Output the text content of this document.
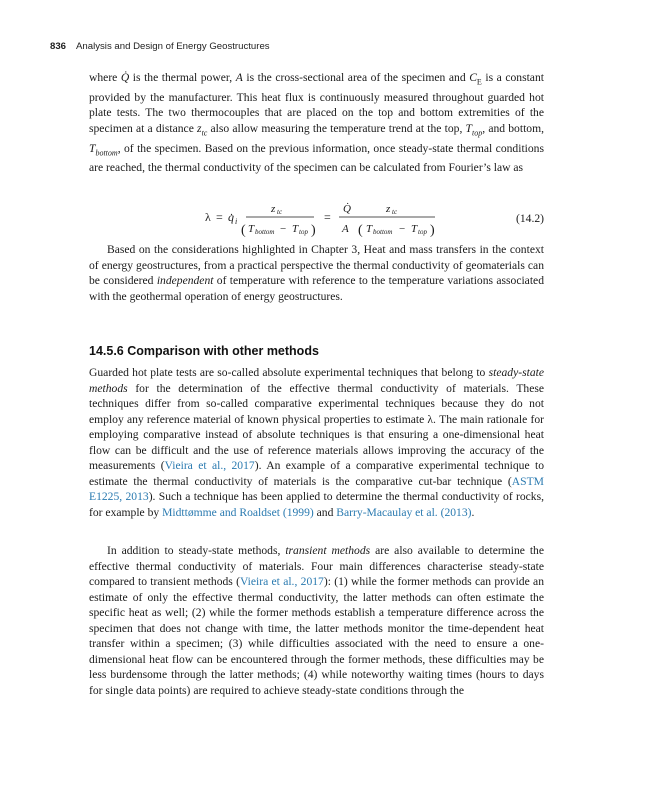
836 Analysis and Design of Energy Geostructures

where Q̇ is the thermal power, A is the cross-sectional area of the specimen and $C_E$ is a constant provided by the manufacturer. This heat flux is continuously measured throughout guarded hot plate tests. The two thermocouples that are placed on the top and bottom extremities of the specimen at a distance $z_{tc}$ also allow measuring the temperature trend at the top, $T_{top}$, and bottom, $T_{bottom}$, of the specimen. Based on the previous information, once steady-state thermal conditions are reached, the thermal conductivity of the specimen can be calculated from Fourier’s law as

λ = q̇ i
z tc
( T bottom − T top )
=
Q̇	z tc
A ( T bottom − T top )
(14.2)

Based on the considerations highlighted in Chapter 3, Heat and mass transfers in the context of energy geostructures, from a practical perspective the thermal conductivity of geomaterials can be considered independent of temperature with reference to the temperature variations associated with the geothermal operation of energy geostructures.

14.5.6 Comparison with other methods

Guarded hot plate tests are so-called absolute experimental techniques that belong to steady-state methods for the determination of the effective thermal conductivity of materials. These techniques differ from so-called comparative experimental techniques because they do not employ any reference material of known physical properties to estimate λ. The main rationale for employing comparative instead of absolute techniques is that ensuring a one-dimensional heat flow can be difficult and the use of reference materials allows improving the accuracy of the measurements (Vieira et al., 2017). An example of a comparative experimental technique to estimate the thermal conductivity of materials is the comparative cut-bar technique (ASTM E1225, 2013). Such a technique has been applied to determine the thermal conductivity of rocks, for example by Midttømme and Roaldset (1999) and Barry-Macaulay et al. (2013).

In addition to steady-state methods, transient methods are also available to determine the effective thermal conductivity of materials. Four main differences characterise steady-state compared to transient methods (Vieira et al., 2017): (1) while the former methods can provide an estimate of only the effective thermal conductivity, the latter methods can often estimate the specific heat as well; (2) while the former methods establish a temperature difference across the specimen that does not change with time, the latter methods monitor the time-dependent heat transfer within a specimen; (3) while difficulties associated with the need to ensure a one-dimensional heat flow can be encountered through the former methods, these difficulties may be less burdensome through the latter methods; (4) while noteworthy waiting times (hours to days for single data points) are required to achieve steady-state conditions through the
